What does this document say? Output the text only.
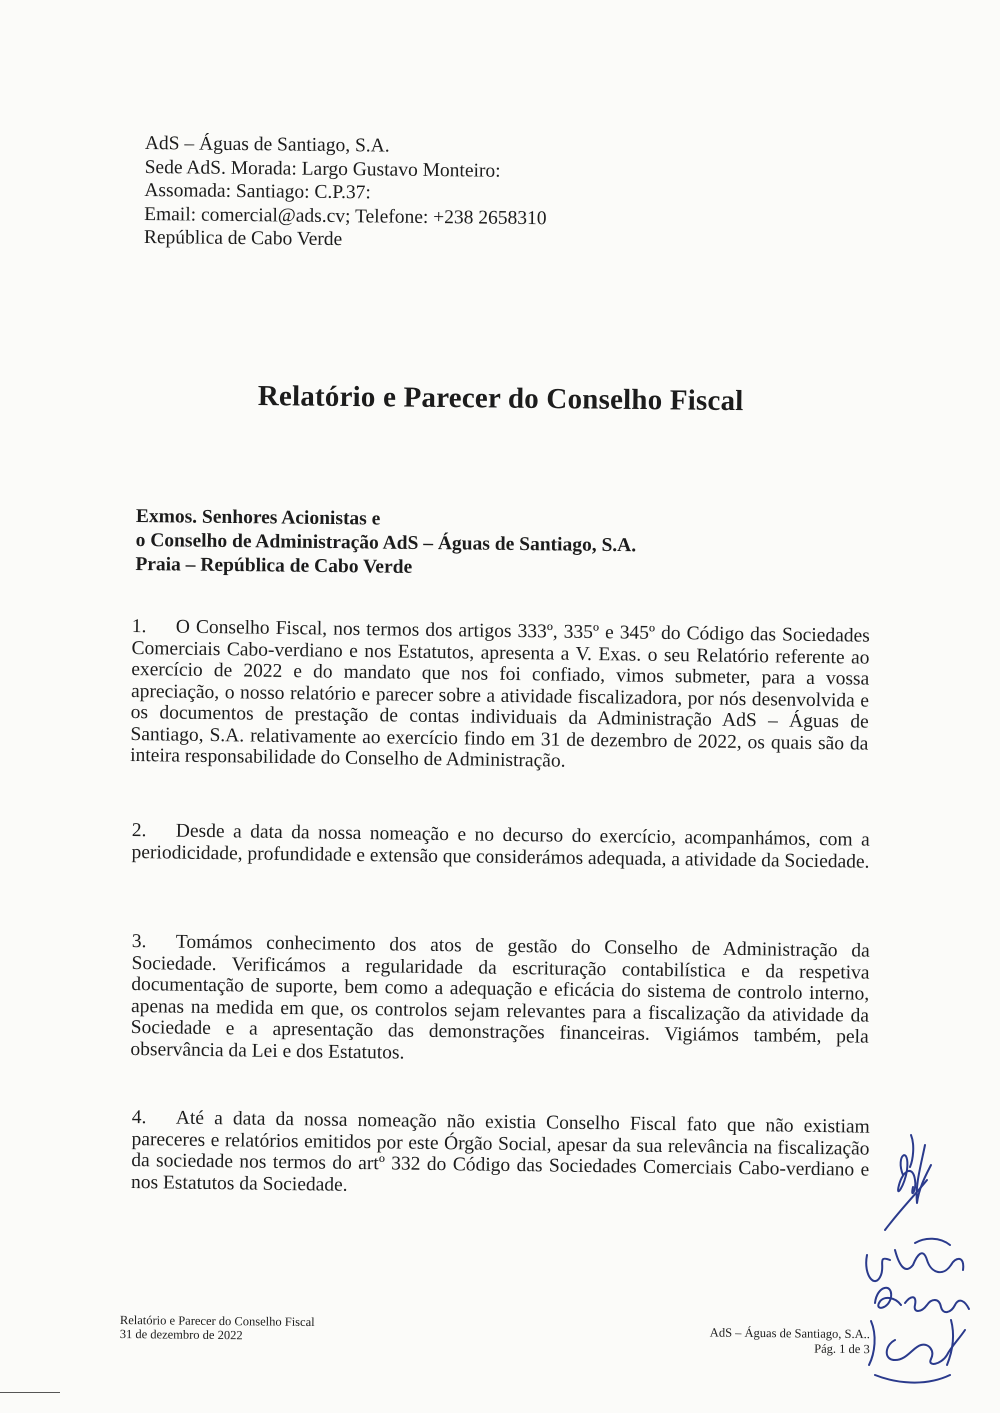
AdS – Águas de Santiago, S.A.
Sede AdS. Morada: Largo Gustavo Monteiro:
Assomada: Santiago: C.P.37:
Email: comercial@ads.cv; Telefone: +238 2658310
República de Cabo Verde
Relatório e Parecer do Conselho Fiscal
Exmos. Senhores Acionistas e
o Conselho de Administração AdS – Águas de Santiago, S.A.
Praia – República de Cabo Verde
1. O Conselho Fiscal, nos termos dos artigos 333º, 335º e 345º do Código das Sociedades Comerciais Cabo-verdiano e nos Estatutos, apresenta a V. Exas. o seu Relatório referente ao exercício de 2022 e do mandato que nos foi confiado, vimos submeter, para a vossa apreciação, o nosso relatório e parecer sobre a atividade fiscalizadora, por nós desenvolvida e os documentos de prestação de contas individuais da Administração AdS – Águas de Santiago, S.A. relativamente ao exercício findo em 31 de dezembro de 2022, os quais são da inteira responsabilidade do Conselho de Administração.
2. Desde a data da nossa nomeação e no decurso do exercício, acompanhámos, com a periodicidade, profundidade e extensão que considerámos adequada, a atividade da Sociedade.
3. Tomámos conhecimento dos atos de gestão do Conselho de Administração da Sociedade. Verificámos a regularidade da escrituração contabilística e da respetiva documentação de suporte, bem como a adequação e eficácia do sistema de controlo interno, apenas na medida em que, os controlos sejam relevantes para a fiscalização da atividade da Sociedade e a apresentação das demonstrações financeiras. Vigiámos também, pela observância da Lei e dos Estatutos.
4. Até a data da nossa nomeação não existia Conselho Fiscal fato que não existiam pareceres e relatórios emitidos por este Órgão Social, apesar da sua relevância na fiscalização da sociedade nos termos do artº 332 do Código das Sociedades Comerciais Cabo-verdiano e nos Estatutos da Sociedade.
Relatório e Parecer do Conselho Fiscal
31 de dezembro de 2022	AdS – Águas de Santiago, S.A..
Pág. 1 de 3
